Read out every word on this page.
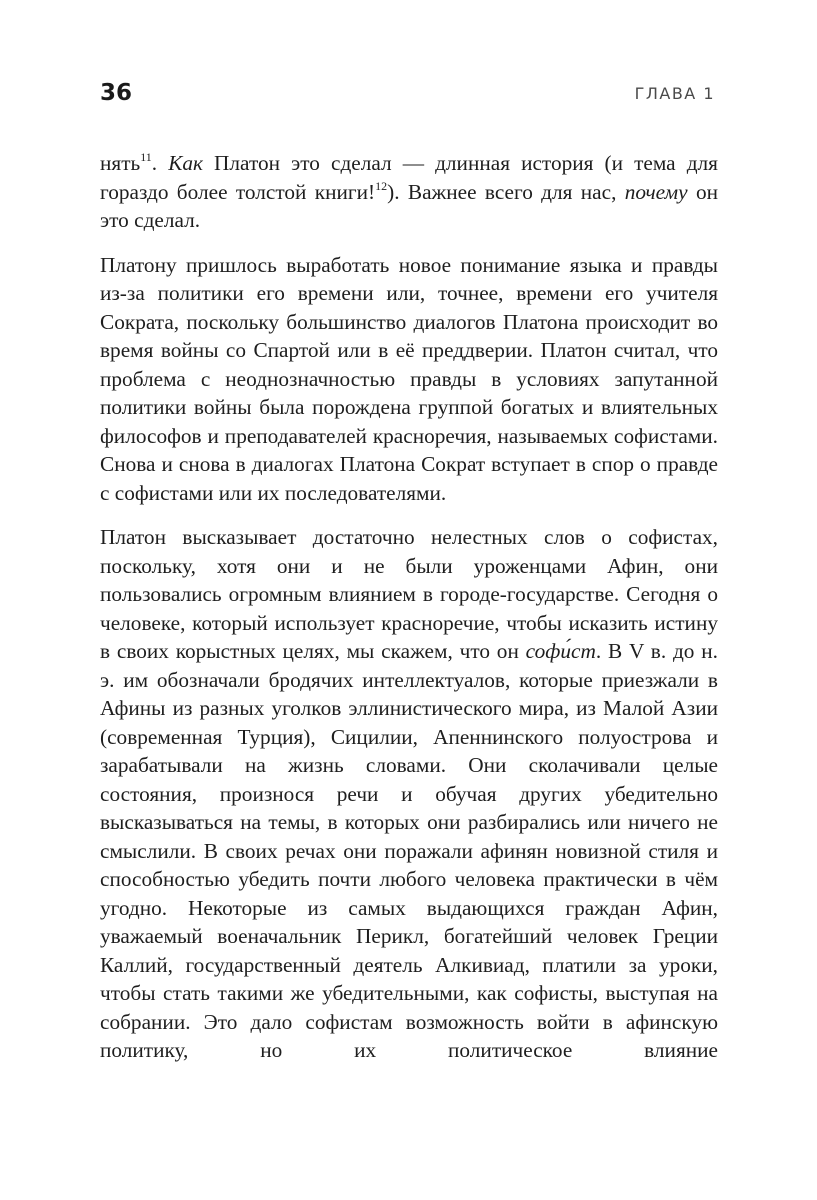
36	ГЛАВА 1

нять$^{11}$. Как Платон это сделал — длинная история (и тема для гораздо более толстой книги!$^{12}$). Важнее всего для нас, почему он это сделал.

Платону пришлось выработать новое понимание языка и правды из-за политики его времени или, точнее, времени его учителя Сократа, поскольку большинство диалогов Платона происходит во время войны со Спартой или в её преддверии. Платон считал, что проблема с неоднозначностью правды в условиях запутанной политики войны была порождена группой богатых и влиятельных философов и преподавателей красноречия, называемых софистами. Снова и снова в диалогах Платона Сократ вступает в спор о правде с софистами или их последователями.

Платон высказывает достаточно нелестных слов о софистах, поскольку, хотя они и не были уроженцами Афин, они пользовались огромным влиянием в городе-государстве. Сегодня о человеке, который использует красноречие, чтобы исказить истину в своих корыстных целях, мы скажем, что он софи́ст. В V в. до н. э. им обозначали бродячих интеллектуалов, которые приезжали в Афины из разных уголков эллинистического мира, из Малой Азии (современная Турция), Сицилии, Апеннинского полуострова и зарабатывали на жизнь словами. Они сколачивали целые состояния, произнося речи и обучая других убедительно высказываться на темы, в которых они разбирались или ничего не смыслили. В своих речах они поражали афинян новизной стиля и способностью убедить почти любого человека практически в чём угодно. Некоторые из самых выдающихся граждан Афин, уважаемый военачальник Перикл, богатейший человек Греции Каллий, государственный деятель Алкивиад, платили за уроки, чтобы стать такими же убедительными, как софисты, выступая на собрании. Это дало софистам возможность войти в афинскую политику, но их политическое влияние
